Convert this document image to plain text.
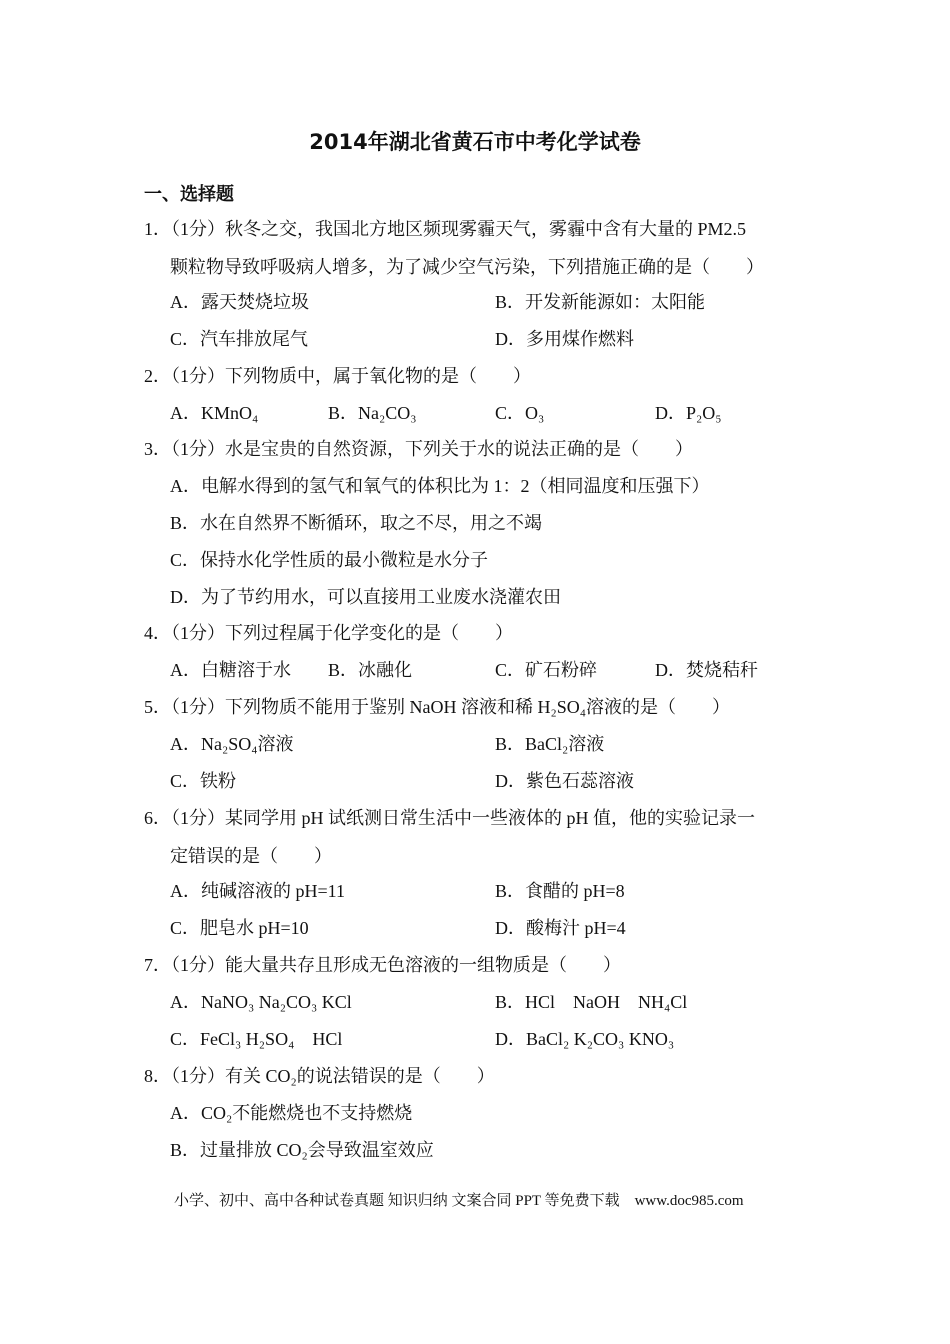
2014年湖北省黄石市中考化学试卷
一、选择题
1．（1分）秋冬之交，我国北方地区频现雾霾天气，雾霾中含有大量的 PM2.5
颗粒物导致呼吸病人增多，为了减少空气污染，下列措施正确的是（　　）
A．露天焚烧垃圾	B．开发新能源如：太阳能
C．汽车排放尾气	D．多用煤作燃料
2．（1分）下列物质中，属于氧化物的是（　　）
A．KMnO₄	B．Na₂CO₃	C．O₃	D．P₂O₅
3．（1分）水是宝贵的自然资源，下列关于水的说法正确的是（　　）
A．电解水得到的氢气和氧气的体积比为 1：2（相同温度和压强下）
B．水在自然界不断循环，取之不尽，用之不竭
C．保持水化学性质的最小微粒是水分子
D．为了节约用水，可以直接用工业废水浇灌农田
4．（1分）下列过程属于化学变化的是（　　）
A．白糖溶于水 B．冰融化	C．矿石粉碎	D．焚烧秸秆
5．（1分）下列物质不能用于鉴别 NaOH 溶液和稀 H₂SO₄溶液的是（　　）
A．Na₂SO₄溶液	B．BaCl₂溶液
C．铁粉	D．紫色石蕊溶液
6．（1分）某同学用 pH 试纸测日常生活中一些液体的 pH 值，他的实验记录一
定错误的是（　　）
A．纯碱溶液的 pH=11	B．食醋的 pH=8
C．肥皂水 pH=10	D．酸梅汁 pH=4
7．（1分）能大量共存且形成无色溶液的一组物质是（　　）
A．NaNO₃ Na₂CO₃ KCl	B．HCl　NaOH　NH₄Cl
C．FeCl₃ H₂SO₄　HCl	D．BaCl₂ K₂CO₃ KNO₃
8．（1分）有关 CO₂的说法错误的是（　　）
A．CO₂不能燃烧也不支持燃烧
B．过量排放 CO₂会导致温室效应
小学、初中、高中各种试卷真题 知识归纳 文案合同 PPT 等免费下载　www.doc985.com
